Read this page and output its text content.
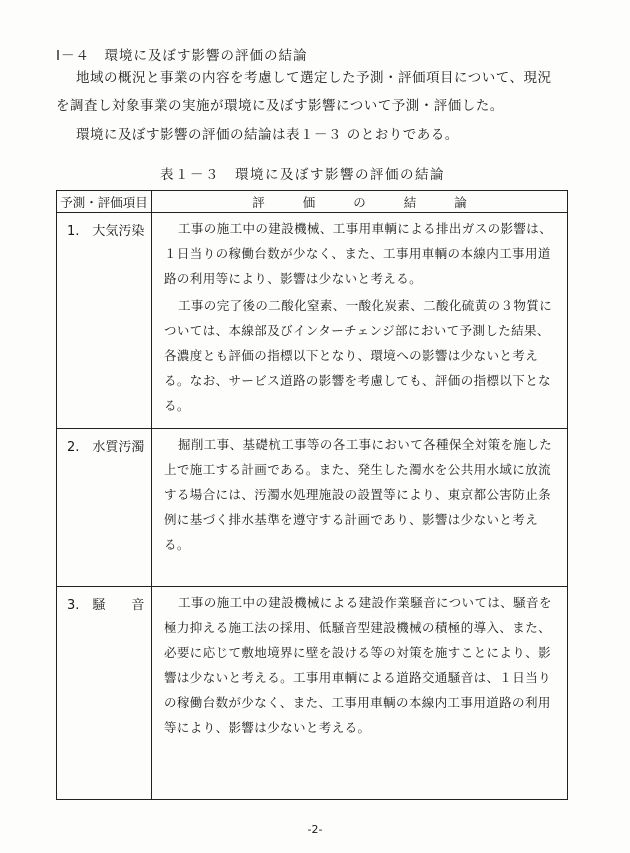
Ⅰ－４　環境に及ぼす影響の評価の結論
地域の概況と事業の内容を考慮して選定した予測・評価項目について、現況を調査し対象事業の実施が環境に及ぼす影響について予測・評価した。
環境に及ぼす影響の評価の結論は表１－３ のとおりである。
表１－３　環境に及ぼす影響の評価の結論
予測・評価項目	評価の結論
1.　大気汚染	工事の施工中の建設機械、工事用車輌による排出ガスの影響は、１日当りの稼働台数が少なく、また、工事用車輌の本線内工事用道路の利用等により、影響は少ないと考える。

工事の完了後の二酸化窒素、一酸化炭素、二酸化硫黄の３物質については、本線部及びインターチェンジ部において予測した結果、各濃度とも評価の指標以下となり、環境への影響は少ないと考える。なお、サービス道路の影響を考慮しても、評価の指標以下となる。

2.　水質汚濁	掘削工事、基礎杭工事等の各工事において各種保全対策を施した上で施工する計画である。また、発生した濁水を公共用水域に放流する場合には、汚濁水処理施設の設置等により、東京都公害防止条例に基づく排水基準を遵守する計画であり、影響は少ないと考える。

3.　騒　　音	工事の施工中の建設機械による建設作業騒音については、騒音を極力抑える施工法の採用、低騒音型建設機械の積極的導入、また、必要に応じて敷地境界に壁を設ける等の対策を施すことにより、影響は少ないと考える。工事用車輌による道路交通騒音は、１日当りの稼働台数が少なく、また、工事用車輌の本線内工事用道路の利用等により、影響は少ないと考える。

-2-
